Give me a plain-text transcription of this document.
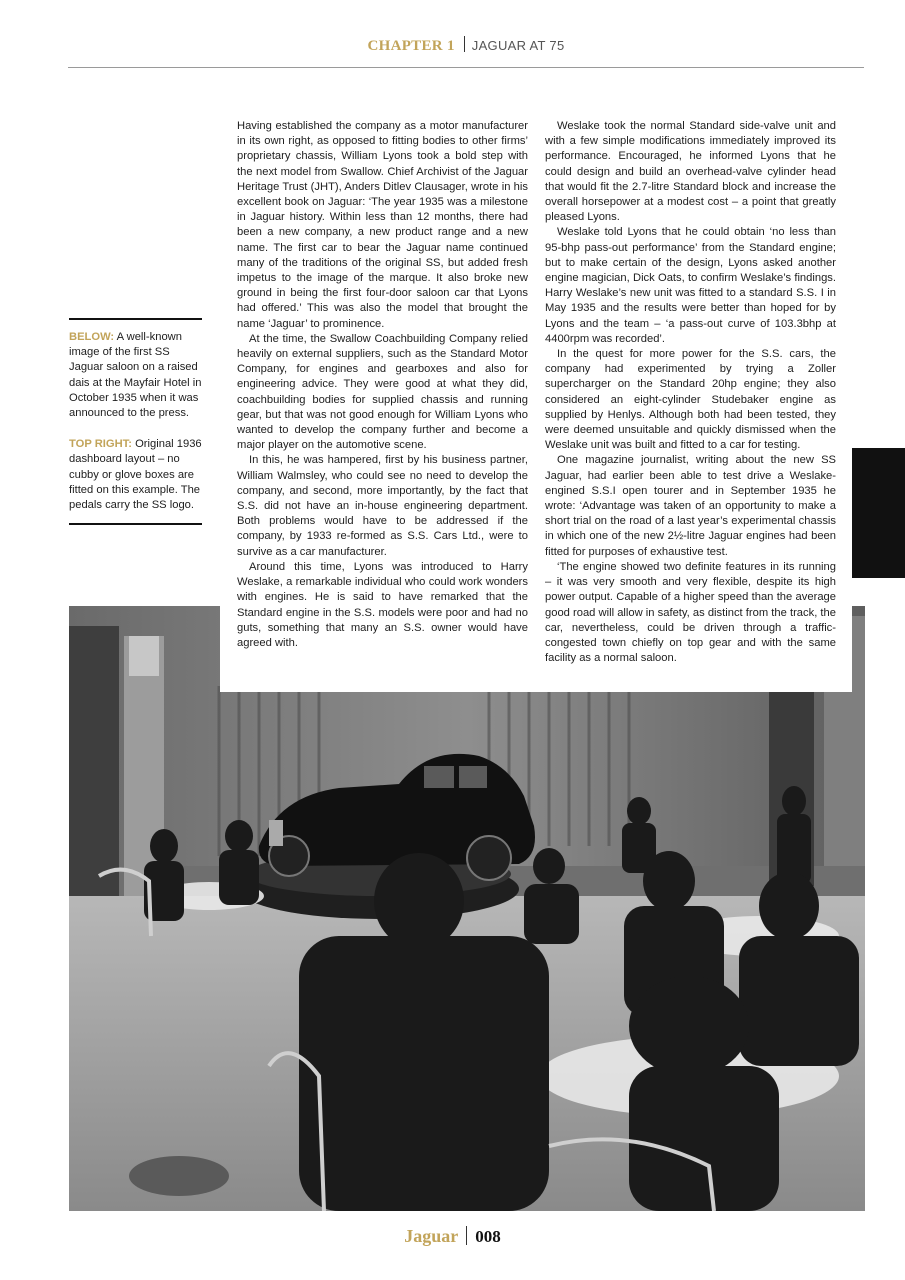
CHAPTER 1 JAGUAR AT 75

Having established the company as a motor manufacturer in its own right, as opposed to fitting bodies to other firms’ proprietary chassis, William Lyons took a bold step with the next model from Swallow. Chief Archivist of the Jaguar Heritage Trust (JHT), Anders Ditlev Clausager, wrote in his excellent book on Jaguar: ‘The year 1935 was a milestone in Jaguar history. Within less than 12 months, there had been a new company, a new product range and a new name. The first car to bear the Jaguar name continued many of the traditions of the original SS, but added fresh impetus to the image of the marque. It also broke new ground in being the first four-door saloon car that Lyons had offered.’ This was also the model that brought the name ‘Jaguar’ to prominence.

At the time, the Swallow Coachbuilding Company relied heavily on external suppliers, such as the Standard Motor Company, for engines and gearboxes and also for engineering advice. They were good at what they did, coachbuilding bodies for supplied chassis and running gear, but that was not good enough for William Lyons who wanted to develop the company further and become a major player on the automotive scene.

In this, he was hampered, first by his business partner, William Walmsley, who could see no need to develop the company, and second, more importantly, by the fact that S.S. did not have an in-house engineering department. Both problems would have to be addressed if the company, by 1933 re-formed as S.S. Cars Ltd., were to survive as a car manufacturer.

Around this time, Lyons was introduced to Harry Weslake, a remarkable individual who could work wonders with engines. He is said to have remarked that the Standard engine in the S.S. models were poor and had no guts, something that many an S.S. owner would have agreed with.

Weslake took the normal Standard side-valve unit and with a few simple modifications immediately improved its performance. Encouraged, he informed Lyons that he could design and build an overhead-valve cylinder head that would fit the 2.7-litre Standard block and increase the overall horsepower at a modest cost – a point that greatly pleased Lyons.

Weslake told Lyons that he could obtain ‘no less than 95-bhp pass-out performance’ from the Standard engine; but to make certain of the design, Lyons asked another engine magician, Dick Oats, to confirm Weslake’s findings. Harry Weslake’s new unit was fitted to a standard S.S. I in May 1935 and the results were better than hoped for by Lyons and the team – ‘a pass-out curve of 103.3bhp at 4400rpm was recorded’.

In the quest for more power for the S.S. cars, the company had experimented by trying a Zoller supercharger on the Standard 20hp engine; they also considered an eight-cylinder Studebaker engine as supplied by Henlys. Although both had been tested, they were deemed unsuitable and quickly dismissed when the Weslake unit was built and fitted to a car for testing.

One magazine journalist, writing about the new SS Jaguar, had earlier been able to test drive a Weslake-engined S.S.I open tourer and in September 1935 he wrote: ‘Advantage was taken of an opportunity to make a short trial on the road of a last year’s experimental chassis in which one of the new 2½-litre Jaguar engines had been fitted for purposes of exhaustive test.

‘The engine showed two definite features in its running – it was very smooth and very flexible, despite its high power output. Capable of a higher speed than the average good road will allow in safety, as distinct from the track, the car, nevertheless, could be driven through a traffic-congested town chiefly on top gear and with the same facility as a normal saloon.

BELOW: A well-known image of the first SS Jaguar saloon on a raised dais at the Mayfair Hotel in October 1935 when it was announced to the press.

TOP RIGHT: Original 1936 dashboard layout – no cubby or glove boxes are fitted on this example. The pedals carry the SS logo.

Jaguar 008
